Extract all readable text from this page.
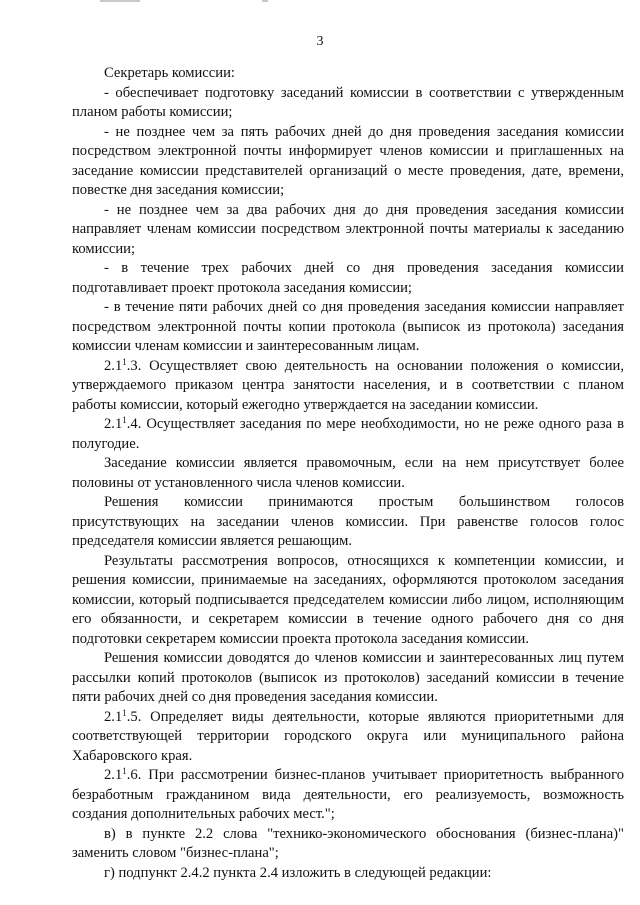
3

Секретарь комиссии:

- обеспечивает подготовку заседаний комиссии в соответствии с утвержденным планом работы комиссии;

- не позднее чем за пять рабочих дней до дня проведения заседания комиссии посредством электронной почты информирует членов комиссии и приглашенных на заседание комиссии представителей организаций о месте проведения, дате, времени, повестке дня заседания комиссии;

- не позднее чем за два рабочих дня до дня проведения заседания комиссии направляет членам комиссии посредством электронной почты материалы к заседанию комиссии;

- в течение трех рабочих дней со дня проведения заседания комиссии подготавливает проект протокола заседания комиссии;

- в течение пяти рабочих дней со дня проведения заседания комиссии направляет посредством электронной почты копии протокола (выписок из протокола) заседания комиссии членам комиссии и заинтересованным лицам.

$2.1^1.3$. Осуществляет свою деятельность на основании положения о комиссии, утверждаемого приказом центра занятости населения, и в соответствии с планом работы комиссии, который ежегодно утверждается на заседании комиссии.

$2.1^1.4$. Осуществляет заседания по мере необходимости, но не реже одного раза в полугодие.

Заседание комиссии является правомочным, если на нем присутствует более половины от установленного числа членов комиссии.

Решения комиссии принимаются простым большинством голосов присутствующих на заседании членов комиссии. При равенстве голосов голос председателя комиссии является решающим.

Результаты рассмотрения вопросов, относящихся к компетенции комиссии, и решения комиссии, принимаемые на заседаниях, оформляются протоколом заседания комиссии, который подписывается председателем комиссии либо лицом, исполняющим его обязанности, и секретарем комиссии в течение одного рабочего дня со дня подготовки секретарем комиссии проекта протокола заседания комиссии.

Решения комиссии доводятся до членов комиссии и заинтересованных лиц путем рассылки копий протоколов (выписок из протоколов) заседаний комиссии в течение пяти рабочих дней со дня проведения заседания комиссии.

$2.1^1.5$. Определяет виды деятельности, которые являются приоритетными для соответствующей территории городского округа или муниципального района Хабаровского края.

$2.1^1.6$. При рассмотрении бизнес-планов учитывает приоритетность выбранного безработным гражданином вида деятельности, его реализуемость, возможность создания дополнительных рабочих мест.";

в) в пункте 2.2 слова "технико-экономического обоснования (бизнес-плана)" заменить словом "бизнес-плана";

г) подпункт 2.4.2 пункта 2.4 изложить в следующей редакции:
